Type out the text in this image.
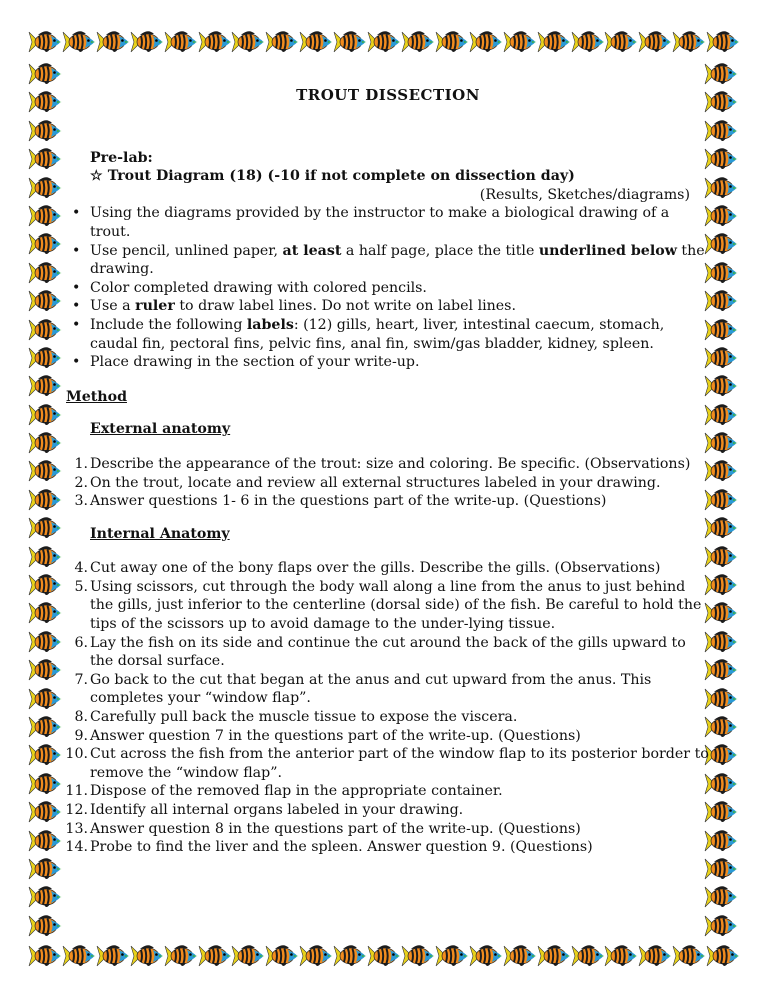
TROUT DISSECTION
Pre-lab:
☆ Trout Diagram (18) (-10 if not complete on dissection day)
(Results, Sketches/diagrams)
• Using the diagrams provided by the instructor to make a biological drawing of a trout.
• Use pencil, unlined paper, at least a half page, place the title underlined below the drawing.
• Color completed drawing with colored pencils.
• Use a ruler to draw label lines. Do not write on label lines.
• Include the following labels: (12) gills, heart, liver, intestinal caecum, stomach, caudal fin, pectoral fins, pelvic fins, anal fin, swim/gas bladder, kidney, spleen.
• Place drawing in the section of your write-up.
Method
External anatomy
1. Describe the appearance of the trout: size and coloring. Be specific. (Observations)
2. On the trout, locate and review all external structures labeled in your drawing.
3. Answer questions 1- 6 in the questions part of the write-up. (Questions)
Internal Anatomy
4. Cut away one of the bony flaps over the gills. Describe the gills. (Observations)
5. Using scissors, cut through the body wall along a line from the anus to just behind the gills, just inferior to the centerline (dorsal side) of the fish. Be careful to hold the tips of the scissors up to avoid damage to the under-lying tissue.
6. Lay the fish on its side and continue the cut around the back of the gills upward to the dorsal surface.
7. Go back to the cut that began at the anus and cut upward from the anus. This completes your “window flap”.
8. Carefully pull back the muscle tissue to expose the viscera.
9. Answer question 7 in the questions part of the write-up. (Questions)
10. Cut across the fish from the anterior part of the window flap to its posterior border to remove the “window flap”.
11. Dispose of the removed flap in the appropriate container.
12. Identify all internal organs labeled in your drawing.
13. Answer question 8 in the questions part of the write-up. (Questions)
14. Probe to find the liver and the spleen. Answer question 9. (Questions)
